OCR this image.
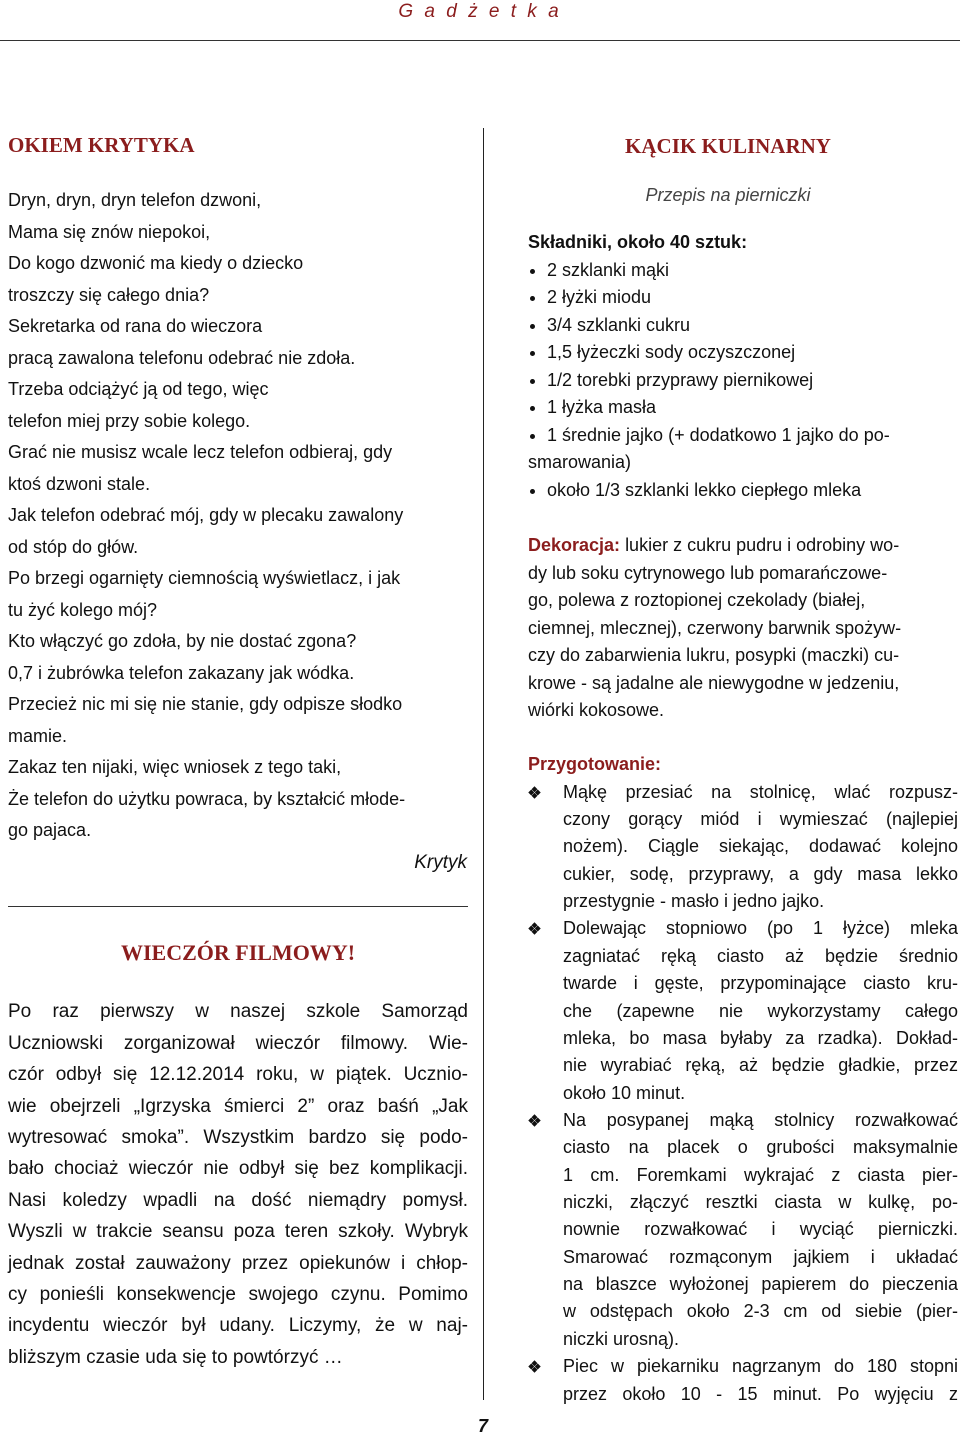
G a d ż e t k a
OKIEM KRYTYKA
Dryn, dryn, dryn telefon dzwoni,
Mama się znów niepokoi,
Do kogo dzwonić ma kiedy o dziecko
troszczy się całego dnia?
Sekretarka od rana do wieczora
pracą zawalona telefonu odebrać nie zdoła.
Trzeba odciążyć ją od tego, więc
telefon miej przy sobie kolego.
Grać nie musisz wcale lecz telefon odbieraj, gdy
ktoś dzwoni stale.
Jak telefon odebrać mój, gdy w plecaku zawalony
od stóp do głów.
Po brzegi ogarnięty ciemnością wyświetlacz, i jak
tu żyć kolego mój?
Kto włączyć go zdoła, by nie dostać zgona?
0,7 i żubrówka telefon zakazany jak wódka.
Przecież nic mi się nie stanie, gdy odpisze słodko
mamie.
Zakaz ten nijaki, więc wniosek z tego taki,
Że telefon do użytku powraca, by kształcić młode-
go pajaca.
Krytyk
WIECZÓR FILMOWY!
Po raz pierwszy w naszej szkole Samorząd
Uczniowski zorganizował wieczór filmowy. Wie-
czór odbył się 12.12.2014 roku, w piątek. Ucznio-
wie obejrzeli „Igrzyska śmierci 2” oraz baśń „Jak
wytresować smoka”. Wszystkim bardzo się podo-
bało chociaż wieczór nie odbył się bez komplikacji.
Nasi koledzy wpadli na dość niemądry pomysł.
Wyszli w trakcie seansu poza teren szkoły. Wybryk
jednak został zauważony przez opiekunów i chłop-
cy ponieśli konsekwencje swojego czynu. Pomimo
incydentu wieczór był udany. Liczymy, że w naj-
bliższym czasie uda się to powtórzyć …
KĄCIK KULINARNY
Przepis na pierniczki
Składniki, około 40 sztuk:
2 szklanki mąki
2 łyżki miodu
3/4 szklanki cukru
1,5 łyżeczki sody oczyszczonej
1/2 torebki przyprawy piernikowej
1 łyżka masła
1 średnie jajko (+ dodatkowo 1 jajko do po-
smarowania)
około 1/3 szklanki lekko ciepłego mleka
Dekoracja: lukier z cukru pudru i odrobiny wo-
dy lub soku cytrynowego lub pomarańczowe-
go, polewa z roztopionej czekolady (białej,
ciemnej, mlecznej), czerwony barwnik spożyw-
czy do zabarwienia lukru, posypki (maczki) cu-
krowe - są jadalne ale niewygodne w jedzeniu,
wiórki kokosowe.
Przygotowanie:
Mąkę przesiać na stolnicę, wlać rozpusz-
czony gorący miód i wymieszać (najlepiej
nożem). Ciągle siekając, dodawać kolejno
cukier, sodę, przyprawy, a gdy masa lekko
przestygnie - masło i jedno jajko.
Dolewając stopniowo (po 1 łyżce) mleka
zagniatać ręką ciasto aż będzie średnio
twarde i gęste, przypominające ciasto kru-
che (zapewne nie wykorzystamy całego
mleka, bo masa byłaby za rzadka). Dokład-
nie wyrabiać ręką, aż będzie gładkie, przez
około 10 minut.
Na posypanej mąką stolnicy rozwałkować
ciasto na placek o grubości maksymalnie
1 cm. Foremkami wykrajać z ciasta pier-
niczki, złączyć resztki ciasta w kulkę, po-
nownie rozwałkować i wyciąć pierniczki.
Smarować rozmąconym jajkiem i układać
na blaszce wyłożonej papierem do pieczenia
w odstępach około 2-3 cm od siebie (pier-
niczki urosną).
Piec w piekarniku nagrzanym do 180 stopni
przez około 10 - 15 minut. Po wyjęciu z
7
